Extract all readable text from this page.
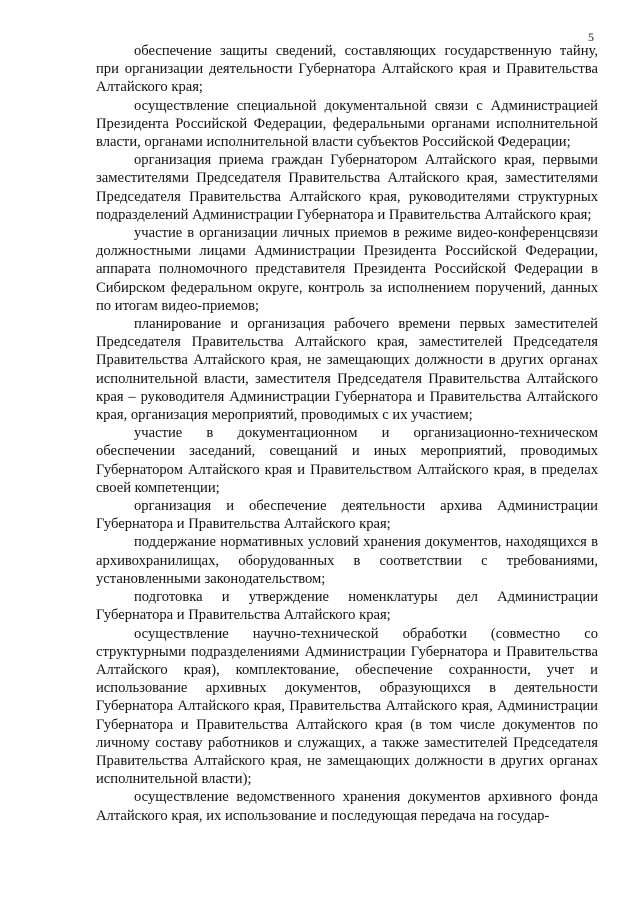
5

обеспечение защиты сведений, составляющих государственную тайну, при организации деятельности Губернатора Алтайского края и Правительства Алтайского края;

осуществление специальной документальной связи с Администрацией Президента Российской Федерации, федеральными органами исполнительной власти, органами исполнительной власти субъектов Российской Федерации;

организация приема граждан Губернатором Алтайского края, первыми заместителями Председателя Правительства Алтайского края, заместителями Председателя Правительства Алтайского края, руководителями структурных подразделений Администрации Губернатора и Правительства Алтайского края;

участие в организации личных приемов в режиме видео-конференцсвязи должностными лицами Администрации Президента Российской Федерации, аппарата полномочного представителя Президента Российской Федерации в Сибирском федеральном округе, контроль за исполнением поручений, данных по итогам видео-приемов;

планирование и организация рабочего времени первых заместителей Председателя Правительства Алтайского края, заместителей Председателя Правительства Алтайского края, не замещающих должности в других органах исполнительной власти, заместителя Председателя Правительства Алтайского края – руководителя Администрации Губернатора и Правительства Алтайского края, организация мероприятий, проводимых с их участием;

участие в документационном и организационно-техническом обеспечении заседаний, совещаний и иных мероприятий, проводимых Губернатором Алтайского края и Правительством Алтайского края, в пределах своей компетенции;

организация и обеспечение деятельности архива Администрации Губернатора и Правительства Алтайского края;

поддержание нормативных условий хранения документов, находящихся в архивохранилищах, оборудованных в соответствии с требованиями, установленными законодательством;

подготовка и утверждение номенклатуры дел Администрации Губернатора и Правительства Алтайского края;

осуществление научно-технической обработки (совместно со структурными подразделениями Администрации Губернатора и Правительства Алтайского края), комплектование, обеспечение сохранности, учет и использование архивных документов, образующихся в деятельности Губернатора Алтайского края, Правительства Алтайского края, Администрации Губернатора и Правительства Алтайского края (в том числе документов по личному составу работников и служащих, а также заместителей Председателя Правительства Алтайского края, не замещающих должности в других органах исполнительной власти);

осуществление ведомственного хранения документов архивного фонда Алтайского края, их использование и последующая передача на государ-
